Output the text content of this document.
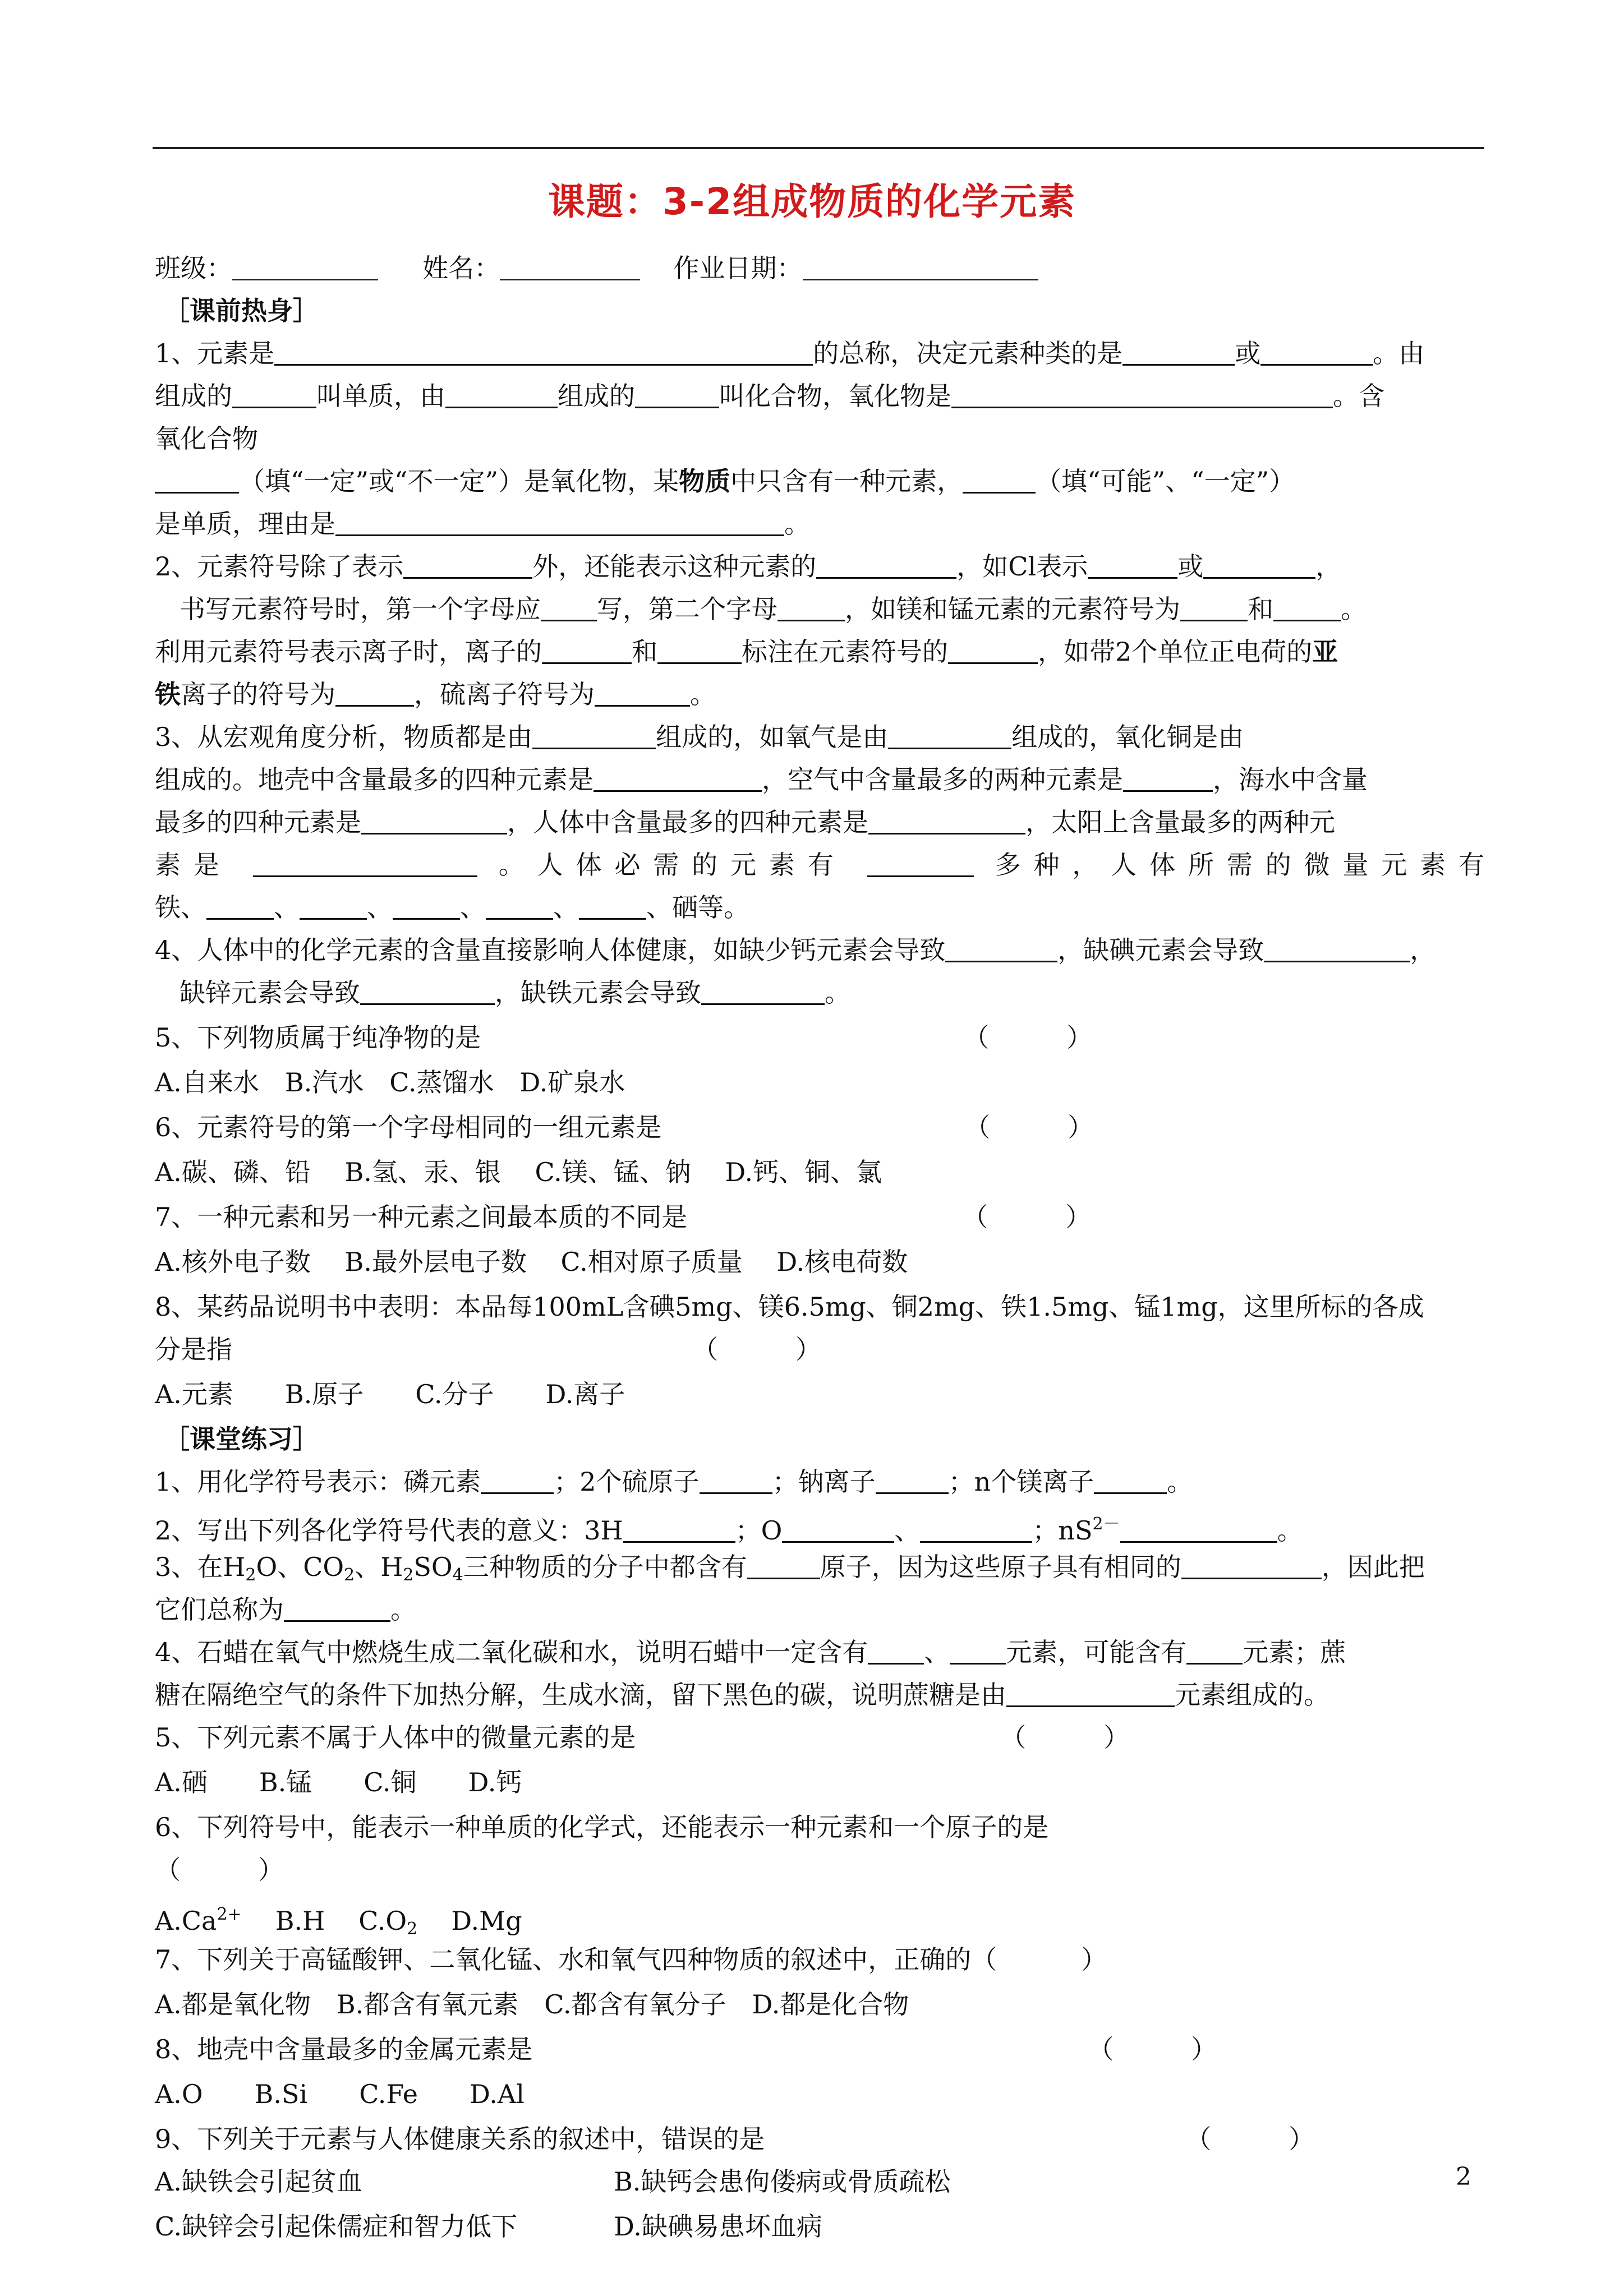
课题：3-2组成物质的化学元素
班级：	姓名：	作业日期：
［课前热身］
1、元素是	的总称，决定元素种类的是	或	。由
组成的	叫单质，由	组成的	叫化合物，氧化物是	。含
氧化合物
（填“一定”或“不一定”）是氧化物，某物质中只含有一种元素，	（填“可能”、“一定”）
是单质，理由是	。
2、元素符号除了表示	外，还能表示这种元素的	，如Cl表示	或	，
书写元素符号时，第一个字母应 写，第二个字母	，如镁和锰元素的元素符号为	和	。
利用元素符号表示离子时，离子的	和	标注在元素符号的	，如带2个单位正电荷的亚
铁离子的符号为	，硫离子符号为	。
3、从宏观角度分析，物质都是由	组成的，如氧气是由	组成的，氧化铜是由
组成的。地壳中含量最多的四种元素是	，空气中含量最多的两种元素是	，海水中含量
最多的四种元素是	，人体中含量最多的四种元素是	，太阳上含量最多的两种元
素是	。人体必需的元素有	多种，人体所需的微量元素有
铁、	、	、	、	、	、硒等。
4、人体中的化学元素的含量直接影响人体健康，如缺少钙元素会导致	，缺碘元素会导致	，
缺锌元素会导致	，缺铁元素会导致	。
5、下列物质属于纯净物的是	（　　　）
A.自来水　B.汽水　C.蒸馏水　D.矿泉水
6、元素符号的第一个字母相同的一组元素是	（　　　）
A.碳、磷、铅　 B.氢、汞、银　 C.镁、锰、钠　 D.钙、铜、氯
7、一种元素和另一种元素之间最本质的不同是	（　　　）
A.核外电子数　 B.最外层电子数　 C.相对原子质量　 D.核电荷数
8、某药品说明书中表明：本品每100mL含碘5mg、镁6.5mg、铜2mg、铁1.5mg、锰1mg，这里所标的各成
分是指	（　　　）
A.元素　　B.原子　　C.分子　　D.离子
［课堂练习］
1、用化学符号表示：磷元素	；2个硫原子	；钠离子	；n个镁离子	。
2、写出下列各化学符号代表的意义：3H	；O	、	；$nS^{2-}$	。
3、在$H_2O$、$CO_2$、$H_2SO_4$三种物质的分子中都含有	原子，因为这些原子具有相同的	，因此把
它们总称为	。
4、石蜡在氧气中燃烧生成二氧化碳和水，说明石蜡中一定含有 、 元素，可能含有 元素；蔗
糖在隔绝空气的条件下加热分解，生成水滴，留下黑色的碳，说明蔗糖是由	元素组成的。
5、下列元素不属于人体中的微量元素的是	（　　　）
A.硒　　B.锰　　C.铜　　D.钙
6、下列符号中，能表示一种单质的化学式，还能表示一种元素和一个原子的是
（　　　）
$A.Ca^{2+}$ B.H $C.O_2$ D.Mg
7、下列关于高锰酸钾、二氧化锰、水和氧气四种物质的叙述中，正确的（	）
A.都是氧化物　B.都含有氧元素　C.都含有氧分子　D.都是化合物
8、地壳中含量最多的金属元素是	（　　　）
A.O　　B.Si　　C.Fe　　D.Al
9、下列关于元素与人体健康关系的叙述中，错误的是	（　　　）
A.缺铁会引起贫血	B.缺钙会患佝偻病或骨质疏松
C.缺锌会引起侏儒症和智力低下	D.缺碘易患坏血病
2
